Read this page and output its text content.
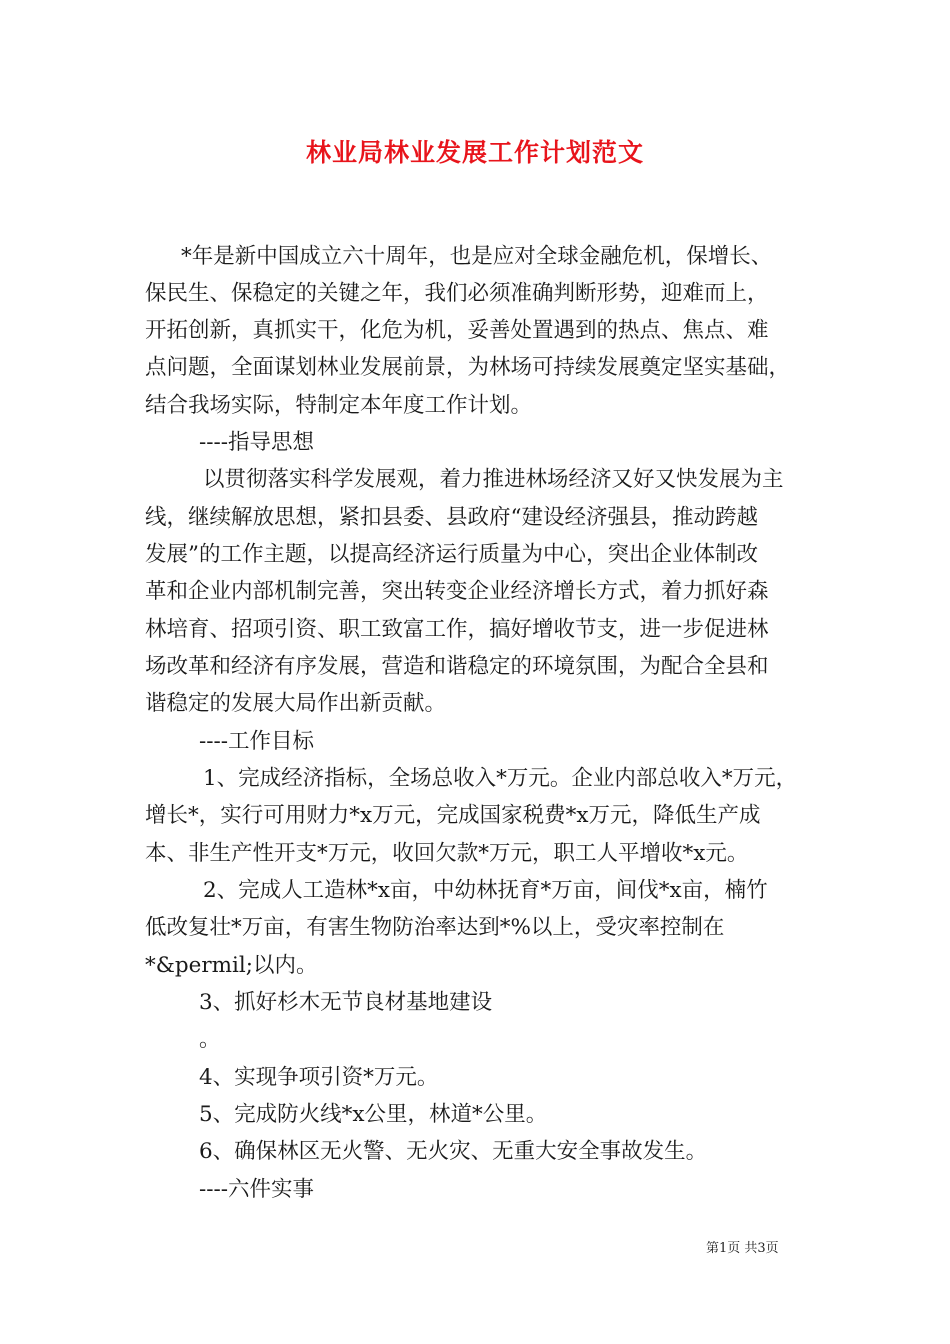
林业局林业发展工作计划范文
*年是新中国成立六十周年，也是应对全球金融危机，保增长、
保民生、保稳定的关键之年，我们必须准确判断形势，迎难而上，
开拓创新，真抓实干，化危为机，妥善处置遇到的热点、焦点、难
点问题，全面谋划林业发展前景，为林场可持续发展奠定坚实基础，
结合我场实际，特制定本年度工作计划。
----指导思想
以贯彻落实科学发展观，着力推进林场经济又好又快发展为主
线，继续解放思想，紧扣县委、县政府“建设经济强县，推动跨越
发展”的工作主题，以提高经济运行质量为中心，突出企业体制改
革和企业内部机制完善，突出转变企业经济增长方式，着力抓好森
林培育、招项引资、职工致富工作，搞好增收节支，进一步促进林
场改革和经济有序发展，营造和谐稳定的环境氛围，为配合全县和
谐稳定的发展大局作出新贡献。
----工作目标
1、完成经济指标，全场总收入*万元。企业内部总收入*万元，
增长*，实行可用财力*x万元，完成国家税费*x万元，降低生产成
本、非生产性开支*万元，收回欠款*万元，职工人平增收*x元。
2、完成人工造林*x亩，中幼林抚育*万亩，间伐*x亩，楠竹
低改复壮*万亩，有害生物防治率达到*%以上，受灾率控制在
*&permil;以内。
3、抓好杉木无节良材基地建设
。
4、实现争项引资*万元。
5、完成防火线*x公里，林道*公里。
6、确保林区无火警、无火灾、无重大安全事故发生。
----六件实事
第1页 共3页
